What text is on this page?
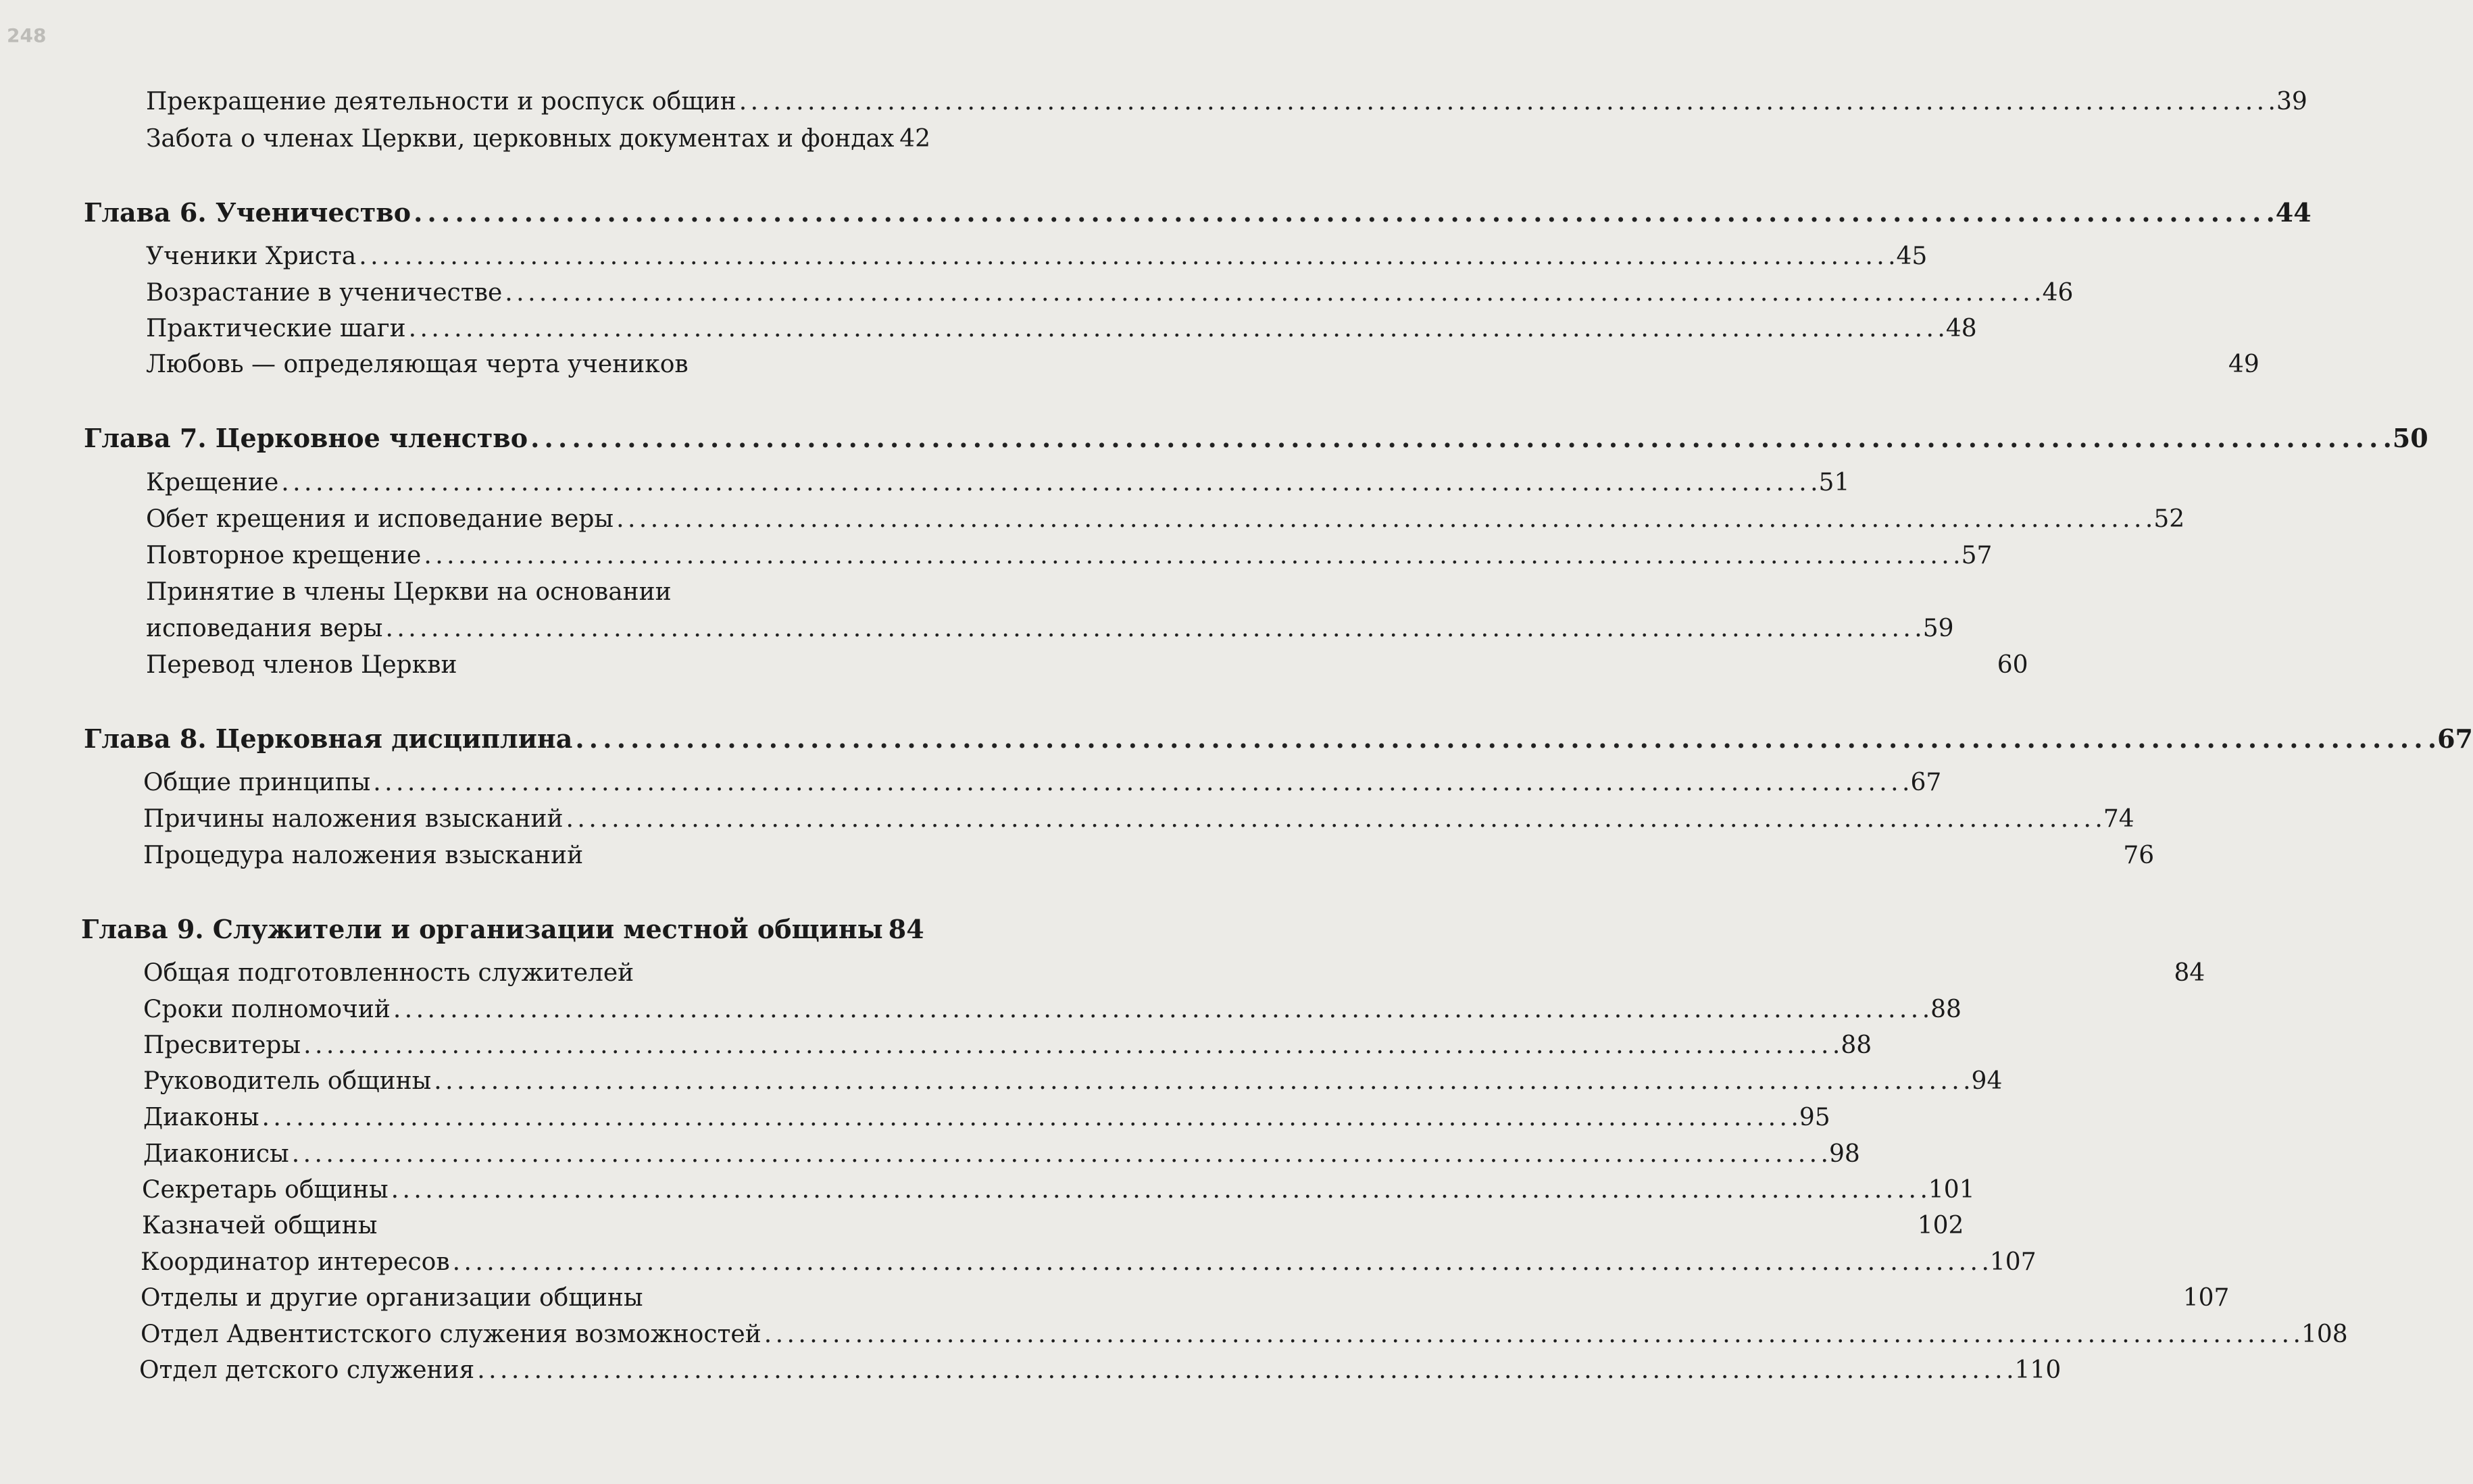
248
Прекращение деятельности и роспуск общин . . .	39
Забота о членах Церкви, церковных документах и фондах 42
Глава 6. Ученичество . . .	44
Ученики Христа . . .	45
Возрастание в ученичестве . . .	46
Практические шаги . . .	48
Любовь — определяющая черта учеников	49
Глава 7. Церковное членство . . .	50
Крещение . . .	51
Обет крещения и исповедание веры . . .	52
Повторное крещение . . .	57
Принятие в члены Церкви на основании
исповедания веры . . .	59
Перевод членов Церкви	60
Глава 8. Церковная дисциплина . . .	67
Общие принципы . . .	67
Причины наложения взысканий . . .	74
Процедура наложения взысканий	76
Глава 9. Служители и организации местной общины 84
Общая подготовленность служителей	84
Сроки полномочий . . .	88
Пресвитеры . . .	88
Руководитель общины . . .	94
Диаконы . . .	95
Диаконисы . . .	98
Секретарь общины . . .	101
Казначей общины	102
Координатор интересов . . .	107
Отделы и другие организации общины	107
Отдел Адвентистского служения возможностей . . .	108
Отдел детского служения . . .	110
